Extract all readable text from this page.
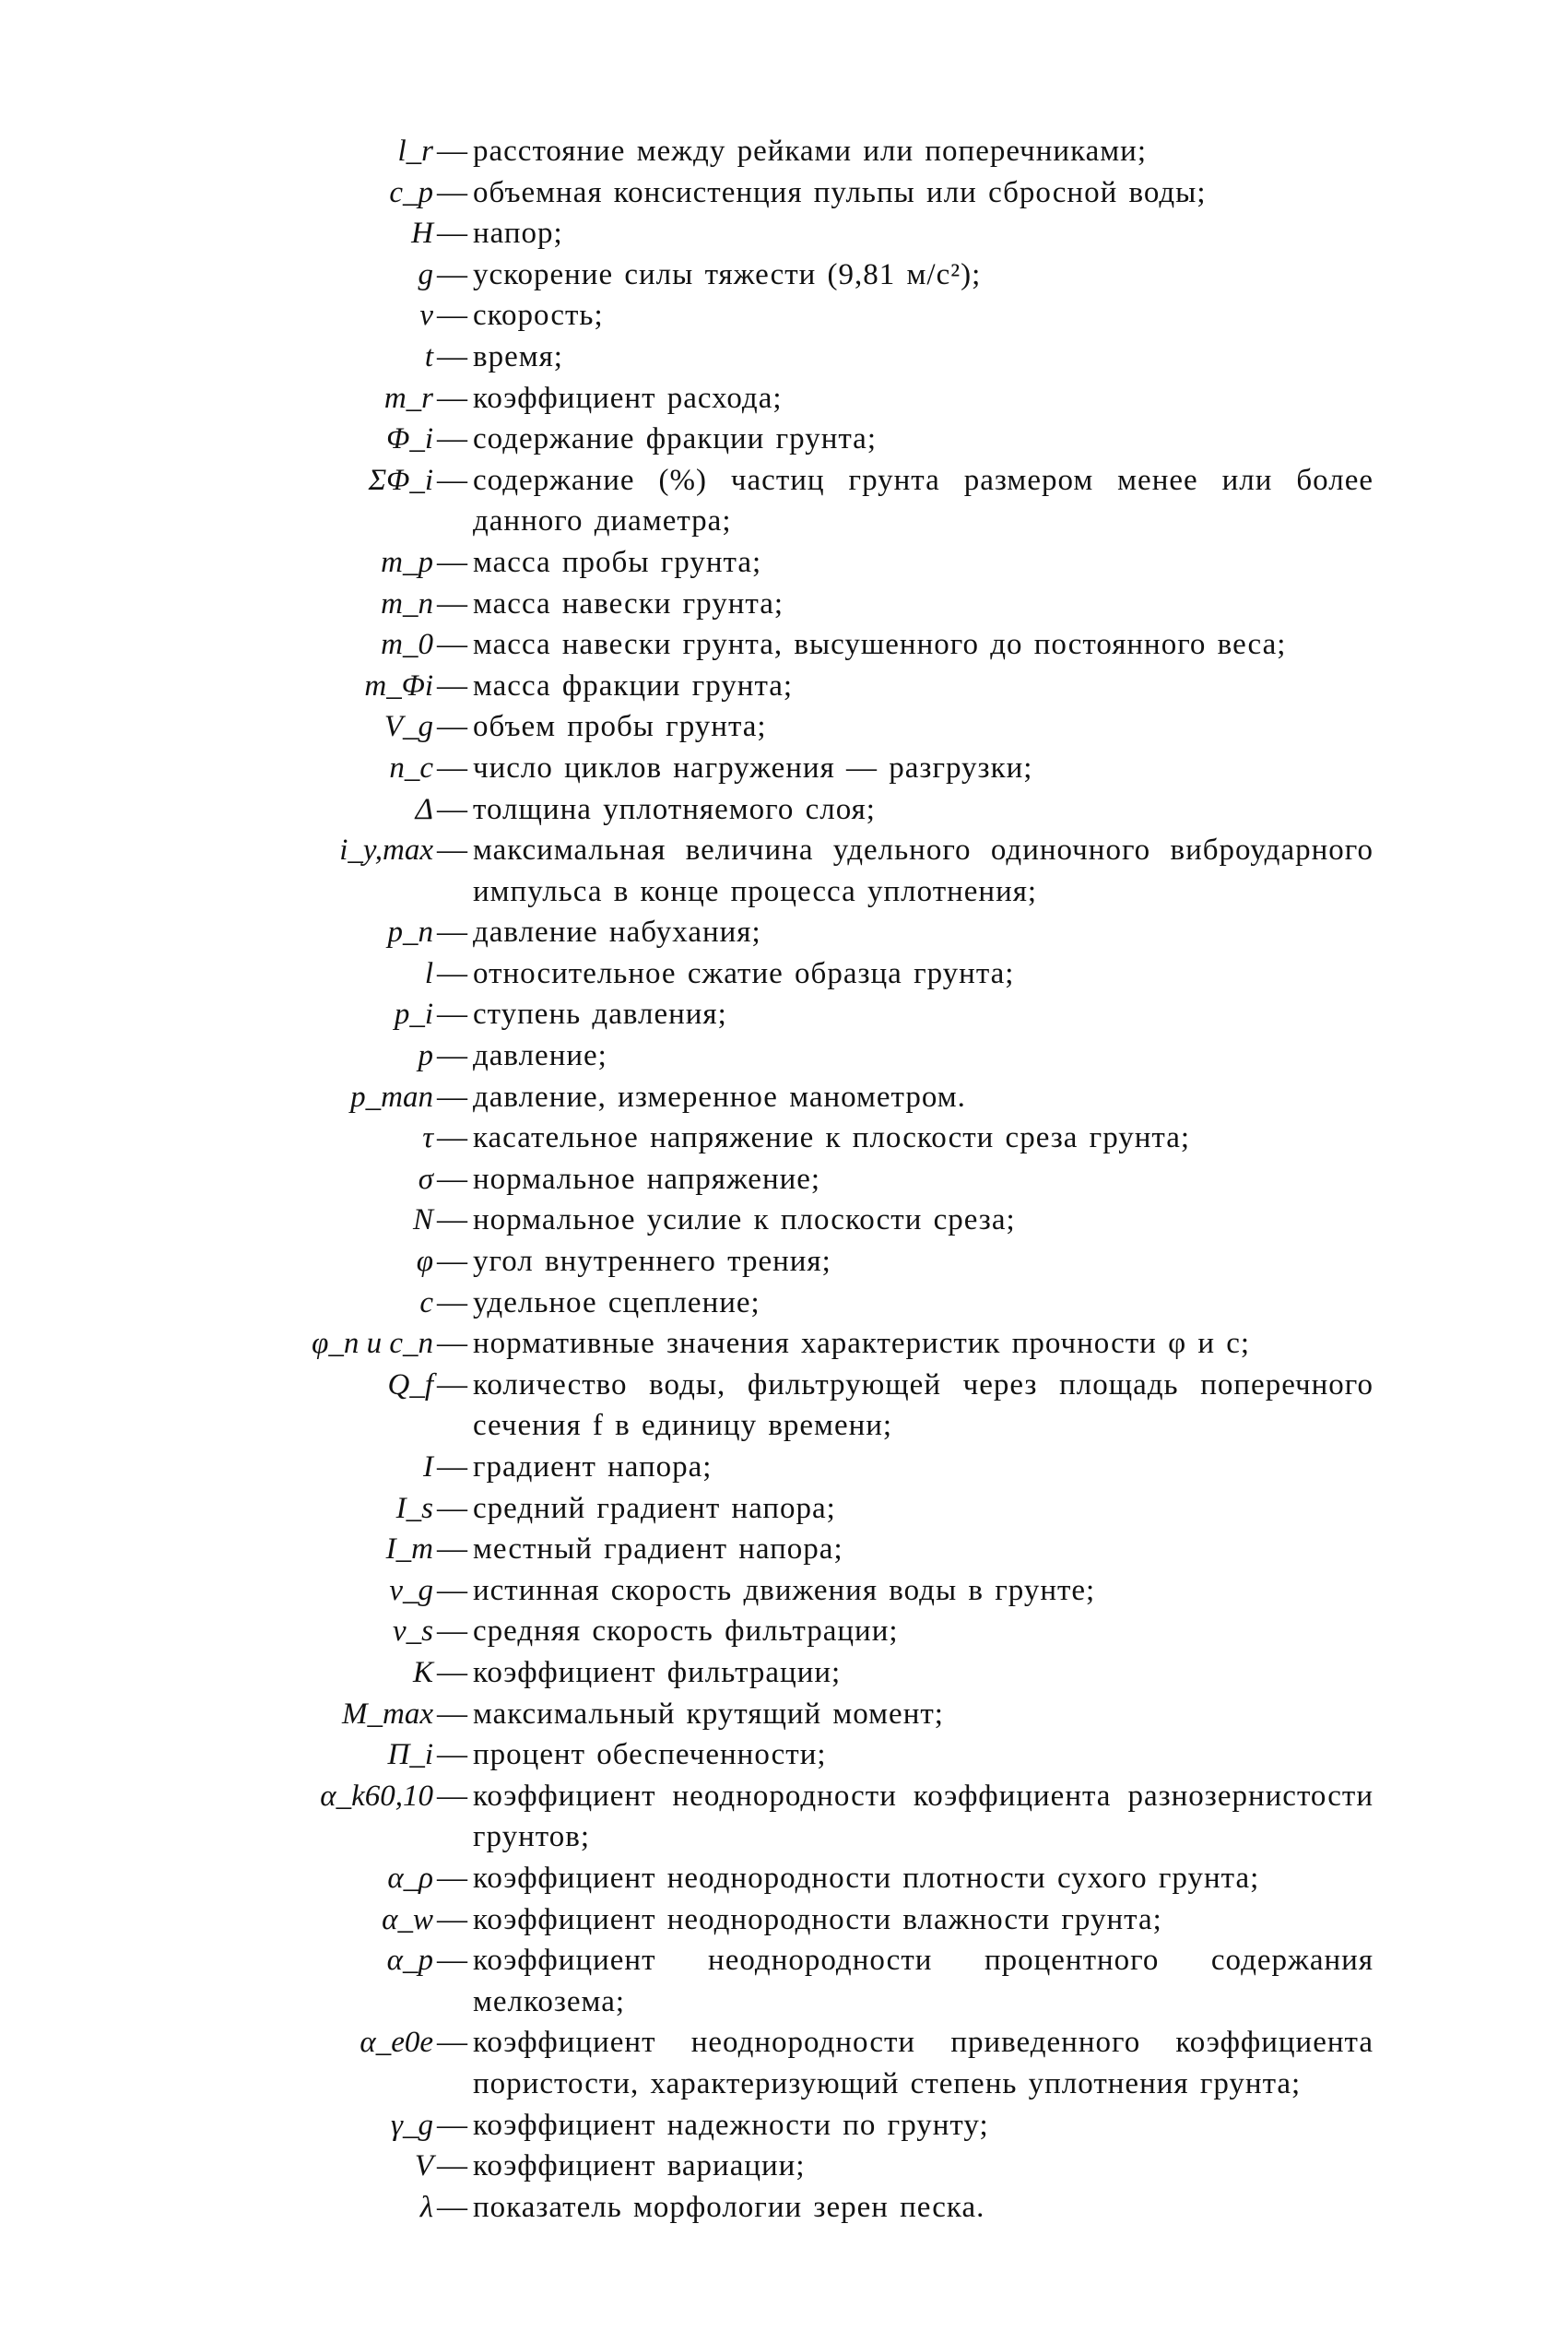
l_r — расстояние между рейками или поперечниками;
c_p — объемная консистенция пульпы или сбросной воды;
H — напор;
g — ускорение силы тяжести (9,81 м/с²);
v — скорость;
t — время;
m_r — коэффициент расхода;
Φ_i — содержание фракции грунта;
ΣΦ_i — содержание (%) частиц грунта размером менее или более данного диаметра;
m_p — масса пробы грунта;
m_n — масса навески грунта;
m_0 — масса навески грунта, высушенного до постоянного веса;
m_Φi — масса фракции грунта;
V_g — объем пробы грунта;
n_c — число циклов нагружения — разгрузки;
Δ — толщина уплотняемого слоя;
i_y,max — максимальная величина удельного одиночного виброударного импульса в конце процесса уплотнения;
p_n — давление набухания;
l — относительное сжатие образца грунта;
p_i — ступень давления;
p — давление;
p_man — давление, измеренное манометром.
τ — касательное напряжение к плоскости среза грунта;
σ — нормальное напряжение;
N — нормальное усилие к плоскости среза;
φ — угол внутреннего трения;
c — удельное сцепление;
φ_n и c_n — нормативные значения характеристик прочности φ и c;
Q_f — количество воды, фильтрующей через площадь поперечного сечения f в единицу времени;
I — градиент напора;
I_s — средний градиент напора;
I_m — местный градиент напора;
v_g — истинная скорость движения воды в грунте;
v_s — средняя скорость фильтрации;
K — коэффициент фильтрации;
M_max — максимальный крутящий момент;
П_i — процент обеспеченности;
α_k60,10 — коэффициент неоднородности коэффициента разнозернистости грунтов;
α_ρ — коэффициент неоднородности плотности сухого грунта;
α_w — коэффициент неоднородности влажности грунта;
α_p — коэффициент неоднородности процентного содержания мелкозема;
α_e0e — коэффициент неоднородности приведенного коэффициента пористости, характеризующий степень уплотнения грунта;
γ_g — коэффициент надежности по грунту;
V — коэффициент вариации;
λ — показатель морфологии зерен песка.
